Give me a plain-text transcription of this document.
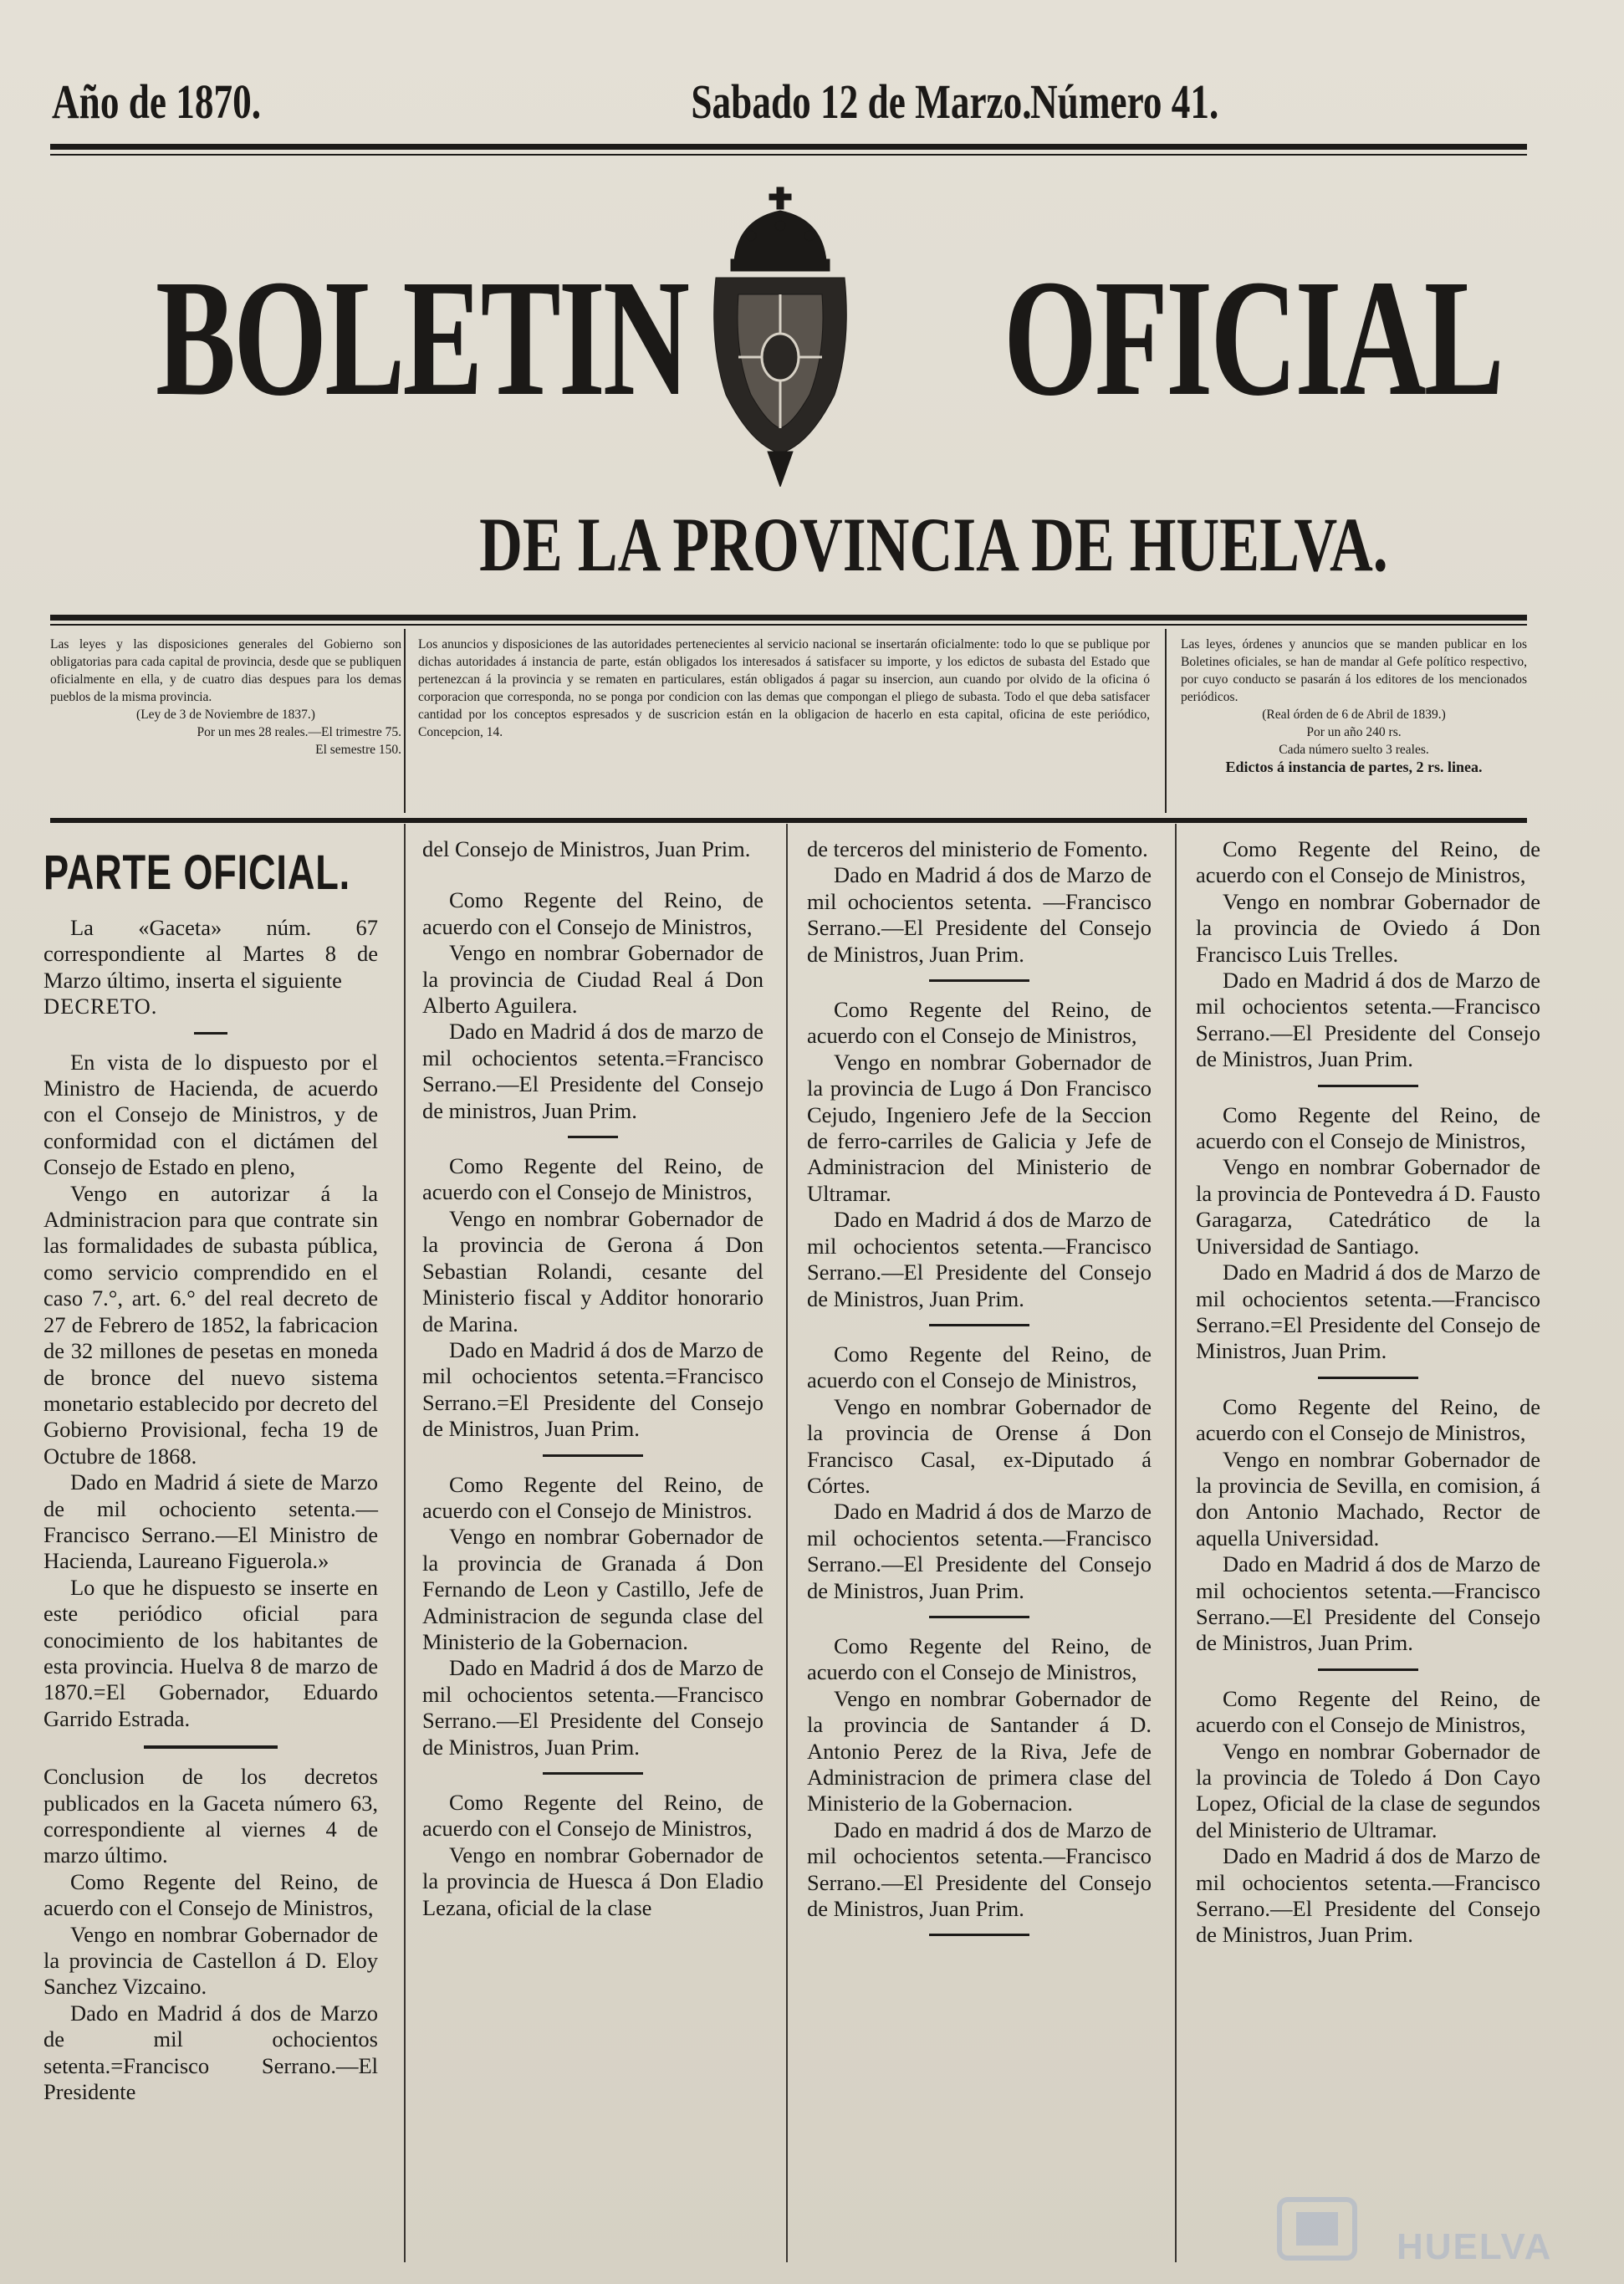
Año de 1870.	Sabado 12 de Marzo.
Número 41.
BOLETIN OFICIAL
DE LA PROVINCIA DE HUELVA.

Las leyes y las disposiciones generales del Gobierno son obligatorias para cada capital de provincia, desde que se publiquen oficialmente en ella, y de cuatro dias despues para los demas pueblos de la misma provincia.

(Ley de 3 de Noviembre de 1837.)

Por un mes 28 reales.—El trimestre 75.

El semestre 150.

Los anuncios y disposiciones de las autoridades pertenecientes al servicio nacional se insertarán oficialmente: todo lo que se publique por dichas autoridades á instancia de parte, están obligados los interesados á satisfacer su importe, y los edictos de subasta del Estado que pertenezcan á la provincia y se rematen en particulares, están obligados á pagar su insercion, aun cuando por olvido de la oficina ó corporacion que corresponda, no se ponga por condicion con las demas que compongan el pliego de subasta. Todo el que deba satisfacer cantidad por los conceptos espresados y de suscricion están en la obligacion de hacerlo en esta capital, oficina de este periódico, Concepcion, 14.

Las leyes, órdenes y anuncios que se manden publicar en los Boletines oficiales, se han de mandar al Gefe político respectivo, por cuyo conducto se pasarán á los editores de los mencionados periódicos.

(Real órden de 6 de Abril de 1839.)

Por un año 240 rs.

Cada número suelto 3 reales.

Edictos á instancia de partes, 2 rs. linea.

PARTE OFICIAL.

La «Gaceta» núm. 67 correspondiente al Martes 8 de Marzo último, inserta el siguiente

DECRETO.

En vista de lo dispuesto por el Ministro de Hacienda, de acuerdo con el Consejo de Ministros, y de conformidad con el dictámen del Consejo de Estado en pleno,

Vengo en autorizar á la Administracion para que contrate sin las formalidades de subasta pública, como servicio comprendido en el caso 7.°, art. 6.° del real decreto de 27 de Febrero de 1852, la fabricacion de 32 millones de pesetas en moneda de bronce del nuevo sistema monetario establecido por decreto del Gobierno Provisional, fecha 19 de Octubre de 1868.

Dado en Madrid á siete de Marzo de mil ochociento setenta.—Francisco Serrano.—El Ministro de Hacienda, Laureano Figuerola.»

Lo que he dispuesto se inserte en este periódico oficial para conocimiento de los habitantes de esta provincia. Huelva 8 de marzo de 1870.=El Gobernador, Eduardo Garrido Estrada.

Conclusion de los decretos publicados en la Gaceta número 63, correspondiente al viernes 4 de marzo último.

Como Regente del Reino, de acuerdo con el Consejo de Ministros,

Vengo en nombrar Gobernador de la provincia de Castellon á D. Eloy Sanchez Vizcaino.

Dado en Madrid á dos de Marzo de mil ochocientos setenta.=Francisco Serrano.—El Presidente

del Consejo de Ministros, Juan Prim.

Como Regente del Reino, de acuerdo con el Consejo de Ministros,

Vengo en nombrar Gobernador de la provincia de Ciudad Real á Don Alberto Aguilera.

Dado en Madrid á dos de marzo de mil ochocientos setenta.=Francisco Serrano.—El Presidente del Consejo de ministros, Juan Prim.

Como Regente del Reino, de acuerdo con el Consejo de Ministros,

Vengo en nombrar Gobernador de la provincia de Gerona á Don Sebastian Rolandi, cesante del Ministerio fiscal y Additor honorario de Marina.

Dado en Madrid á dos de Marzo de mil ochocientos setenta.=Francisco Serrano.=El Presidente del Consejo de Ministros, Juan Prim.

Como Regente del Reino, de acuerdo con el Consejo de Ministros.

Vengo en nombrar Gobernador de la provincia de Granada á Don Fernando de Leon y Castillo, Jefe de Administracion de segunda clase del Ministerio de la Gobernacion.

Dado en Madrid á dos de Marzo de mil ochocientos setenta.—Francisco Serrano.—El Presidente del Consejo de Ministros, Juan Prim.

Como Regente del Reino, de acuerdo con el Consejo de Ministros,

Vengo en nombrar Gobernador de la provincia de Huesca á Don Eladio Lezana, oficial de la clase

de terceros del ministerio de Fomento.

Dado en Madrid á dos de Marzo de mil ochocientos setenta. —Francisco Serrano.—El Presidente del Consejo de Ministros, Juan Prim.

Como Regente del Reino, de acuerdo con el Consejo de Ministros,

Vengo en nombrar Gobernador de la provincia de Lugo á Don Francisco Cejudo, Ingeniero Jefe de la Seccion de ferro-carriles de Galicia y Jefe de Administracion del Ministerio de Ultramar.

Dado en Madrid á dos de Marzo de mil ochocientos setenta.—Francisco Serrano.—El Presidente del Consejo de Ministros, Juan Prim.

Como Regente del Reino, de acuerdo con el Consejo de Ministros,

Vengo en nombrar Gobernador de la provincia de Orense á Don Francisco Casal, ex-Diputado á Córtes.

Dado en Madrid á dos de Marzo de mil ochocientos setenta.—Francisco Serrano.—El Presidente del Consejo de Ministros, Juan Prim.

Como Regente del Reino, de acuerdo con el Consejo de Ministros,

Vengo en nombrar Gobernador de la provincia de Santander á D. Antonio Perez de la Riva, Jefe de Administracion de primera clase del Ministerio de la Gobernacion.

Dado en madrid á dos de Marzo de mil ochocientos setenta.—Francisco Serrano.—El Presidente del Consejo de Ministros, Juan Prim.

Como Regente del Reino, de acuerdo con el Consejo de Ministros,

Vengo en nombrar Gobernador de la provincia de Oviedo á Don Francisco Luis Trelles.

Dado en Madrid á dos de Marzo de mil ochocientos setenta.—Francisco Serrano.—El Presidente del Consejo de Ministros, Juan Prim.

Como Regente del Reino, de acuerdo con el Consejo de Ministros,

Vengo en nombrar Gobernador de la provincia de Pontevedra á D. Fausto Garagarza, Catedrático de la Universidad de Santiago.

Dado en Madrid á dos de Marzo de mil ochocientos setenta.—Francisco Serrano.=El Presidente del Consejo de Ministros, Juan Prim.

Como Regente del Reino, de acuerdo con el Consejo de Ministros,

Vengo en nombrar Gobernador de la provincia de Sevilla, en comision, á don Antonio Machado, Rector de aquella Universidad.

Dado en Madrid á dos de Marzo de mil ochocientos setenta.—Francisco Serrano.—El Presidente del Consejo de Ministros, Juan Prim.

Como Regente del Reino, de acuerdo con el Consejo de Ministros,

Vengo en nombrar Gobernador de la provincia de Toledo á Don Cayo Lopez, Oficial de la clase de segundos del Ministerio de Ultramar.

Dado en Madrid á dos de Marzo de mil ochocientos setenta.—Francisco Serrano.—El Presidente del Consejo de Ministros, Juan Prim.

HUELVA
